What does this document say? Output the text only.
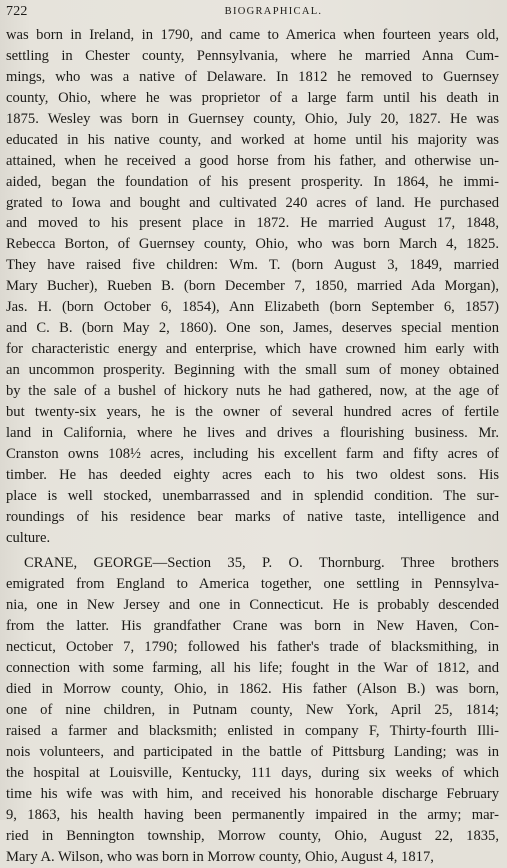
722	BIOGRAPHICAL.
was born in Ireland, in 1790, and came to America when fourteen years old,
settling in Chester county, Pennsylvania, where he married Anna Cum-
mings, who was a native of Delaware. In 1812 he removed to Guernsey
county, Ohio, where he was proprietor of a large farm until his death in
1875. Wesley was born in Guernsey county, Ohio, July 20, 1827. He was
educated in his native county, and worked at home until his majority was
attained, when he received a good horse from his father, and otherwise un-
aided, began the foundation of his present prosperity. In 1864, he immi-
grated to Iowa and bought and cultivated 240 acres of land. He purchased
and moved to his present place in 1872. He married August 17, 1848,
Rebecca Borton, of Guernsey county, Ohio, who was born March 4, 1825.
They have raised five children: Wm. T. (born August 3, 1849, married
Mary Bucher), Rueben B. (born December 7, 1850, married Ada Morgan),
Jas. H. (born October 6, 1854), Ann Elizabeth (born September 6, 1857)
and C. B. (born May 2, 1860). One son, James, deserves special mention
for characteristic energy and enterprise, which have crowned him early with
an uncommon prosperity. Beginning with the small sum of money obtained
by the sale of a bushel of hickory nuts he had gathered, now, at the age of
but twenty-six years, he is the owner of several hundred acres of fertile
land in California, where he lives and drives a flourishing business. Mr.
Cranston owns 108½ acres, including his excellent farm and fifty acres of
timber. He has deeded eighty acres each to his two oldest sons. His
place is well stocked, unembarrassed and in splendid condition. The sur-
roundings of his residence bear marks of native taste, intelligence and
culture.
CRANE, GEORGE—Section 35, P. O. Thornburg. Three brothers
emigrated from England to America together, one settling in Pennsylva-
nia, one in New Jersey and one in Connecticut. He is probably descended
from the latter. His grandfather Crane was born in New Haven, Con-
necticut, October 7, 1790; followed his father's trade of blacksmithing, in
connection with some farming, all his life; fought in the War of 1812, and
died in Morrow county, Ohio, in 1862. His father (Alson B.) was born,
one of nine children, in Putnam county, New York, April 25, 1814;
raised a farmer and blacksmith; enlisted in company F, Thirty-fourth Illi-
nois volunteers, and participated in the battle of Pittsburg Landing; was in
the hospital at Louisville, Kentucky, 111 days, during six weeks of which
time his wife was with him, and received his honorable discharge February
9, 1863, his health having been permanently impaired in the army; mar-
ried in Bennington township, Morrow county, Ohio, August 22, 1835,
Mary A. Wilson, who was born in Morrow county, Ohio, August 4, 1817,
